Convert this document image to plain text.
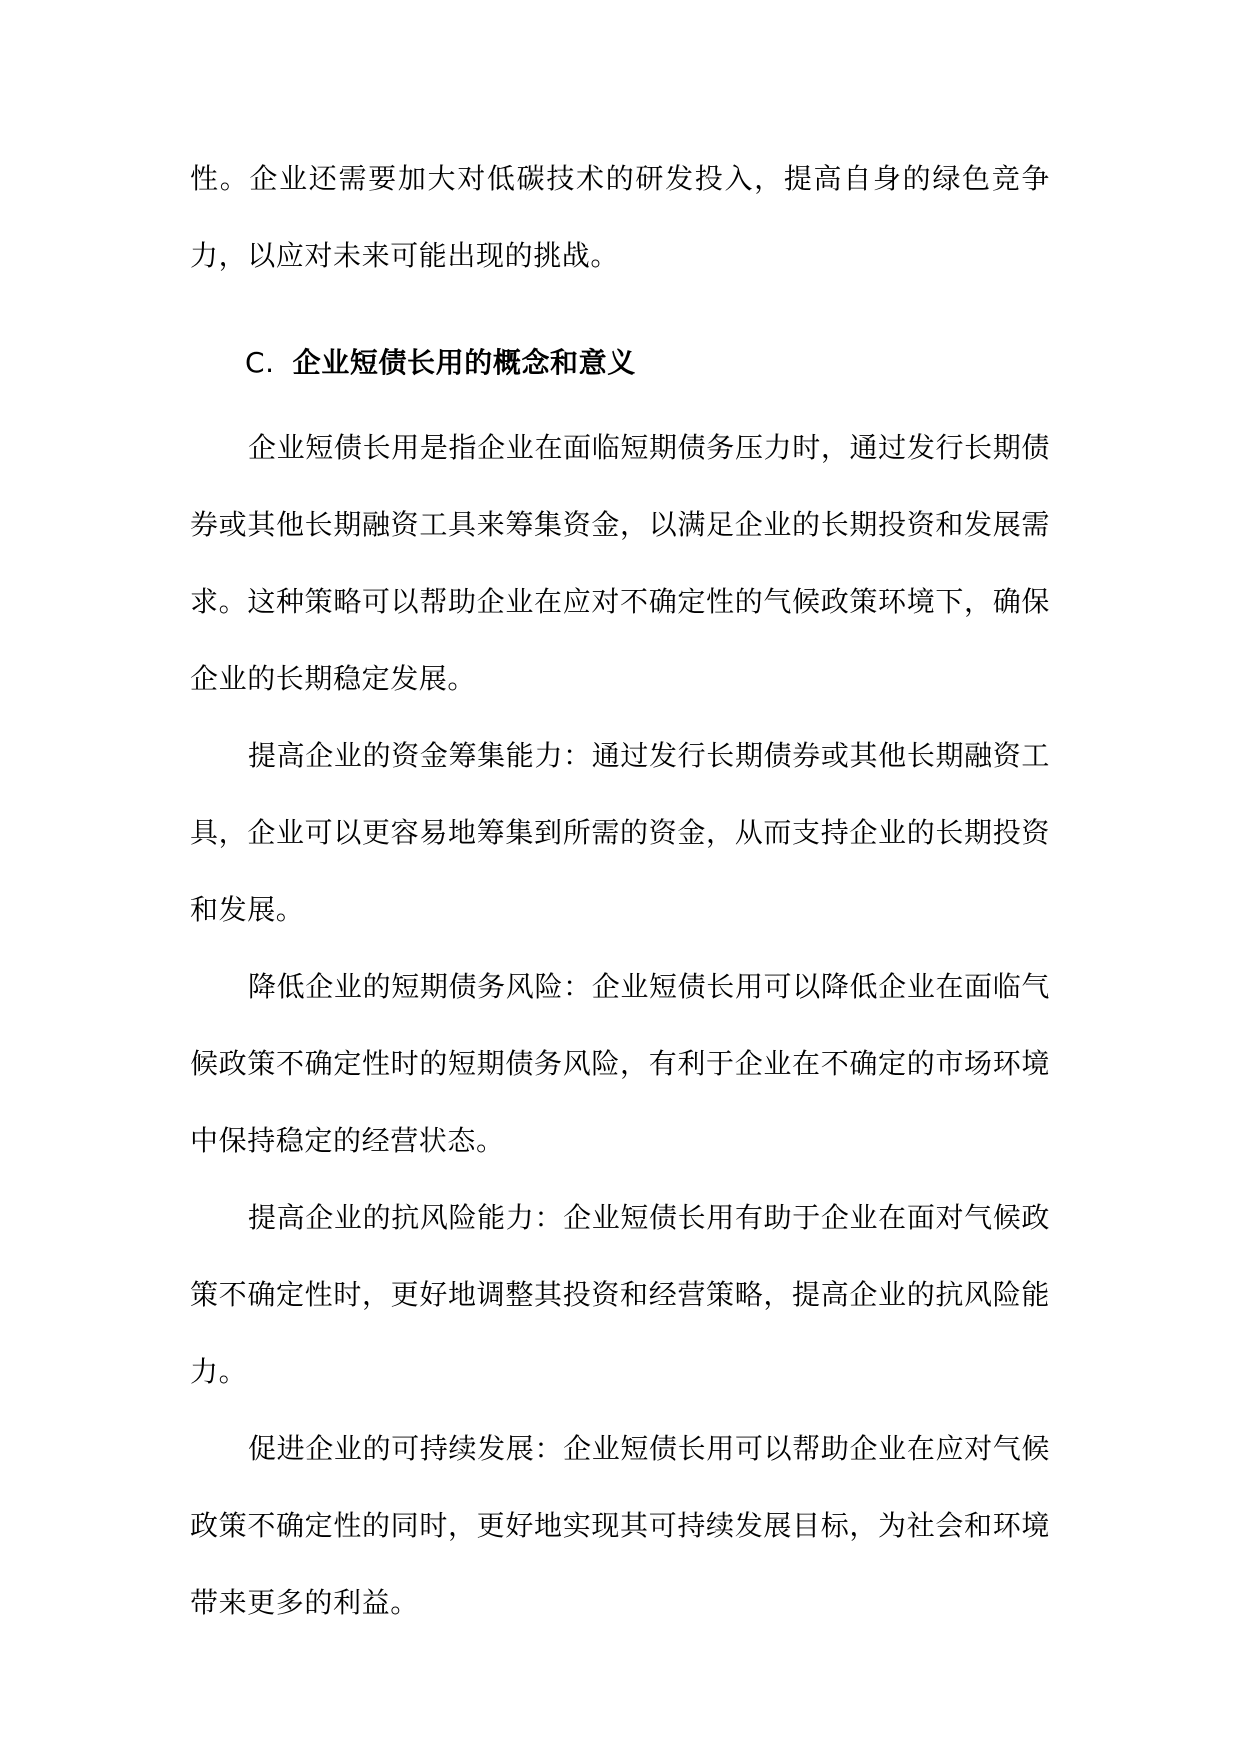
性。企业还需要加大对低碳技术的研发投入，提高自身的绿色竞争力，以应对未来可能出现的挑战。

C. 企业短债长用的概念和意义

企业短债长用是指企业在面临短期债务压力时，通过发行长期债券或其他长期融资工具来筹集资金，以满足企业的长期投资和发展需求。这种策略可以帮助企业在应对不确定性的气候政策环境下，确保企业的长期稳定发展。

提高企业的资金筹集能力：通过发行长期债券或其他长期融资工具，企业可以更容易地筹集到所需的资金，从而支持企业的长期投资和发展。

降低企业的短期债务风险：企业短债长用可以降低企业在面临气候政策不确定性时的短期债务风险，有利于企业在不确定的市场环境中保持稳定的经营状态。

提高企业的抗风险能力：企业短债长用有助于企业在面对气候政策不确定性时，更好地调整其投资和经营策略，提高企业的抗风险能力。

促进企业的可持续发展：企业短债长用可以帮助企业在应对气候政策不确定性的同时，更好地实现其可持续发展目标，为社会和环境带来更多的利益。
